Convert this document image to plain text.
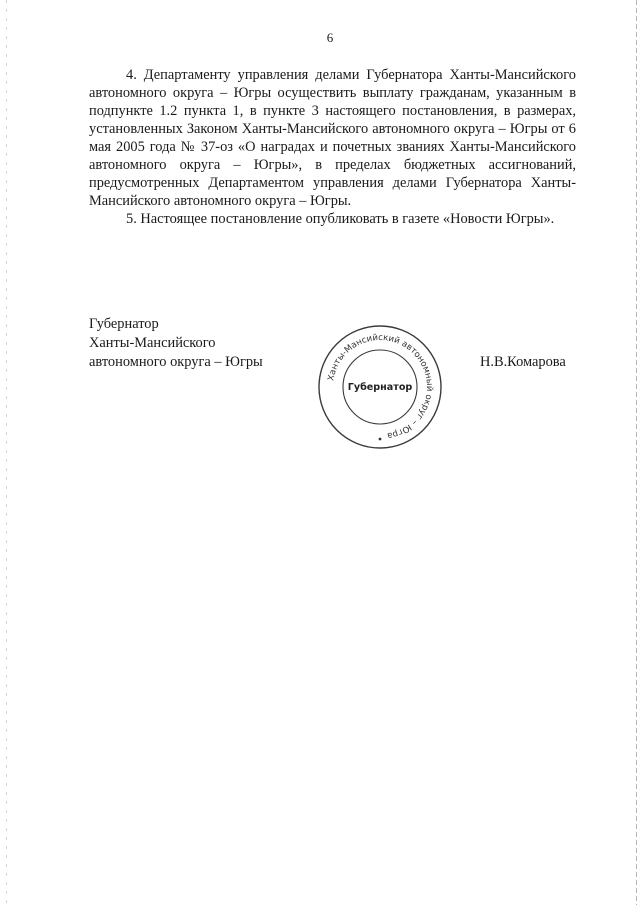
6

4. Департаменту управления делами Губернатора Ханты-Мансийского автономного округа – Югры осуществить выплату гражданам, указанным в подпункте 1.2 пункта 1, в пункте 3 настоящего постановления, в размерах, установленных Законом Ханты-Мансийского автономного округа – Югры от 6 мая 2005 года № 37-оз «О наградах и почетных званиях Ханты-Мансийского автономного округа – Югры», в пределах бюджетных ассигнований, предусмотренных Департаментом управления делами Губернатора Ханты-Мансийского автономного округа – Югры.

5. Настоящее постановление опубликовать в газете «Новости Югры».

Губернатор
Ханты-Мансийского
автономного округа – Югры
Ханты-Мансийский автономный округ – Югра
Губернатор
Н.В.Комарова
